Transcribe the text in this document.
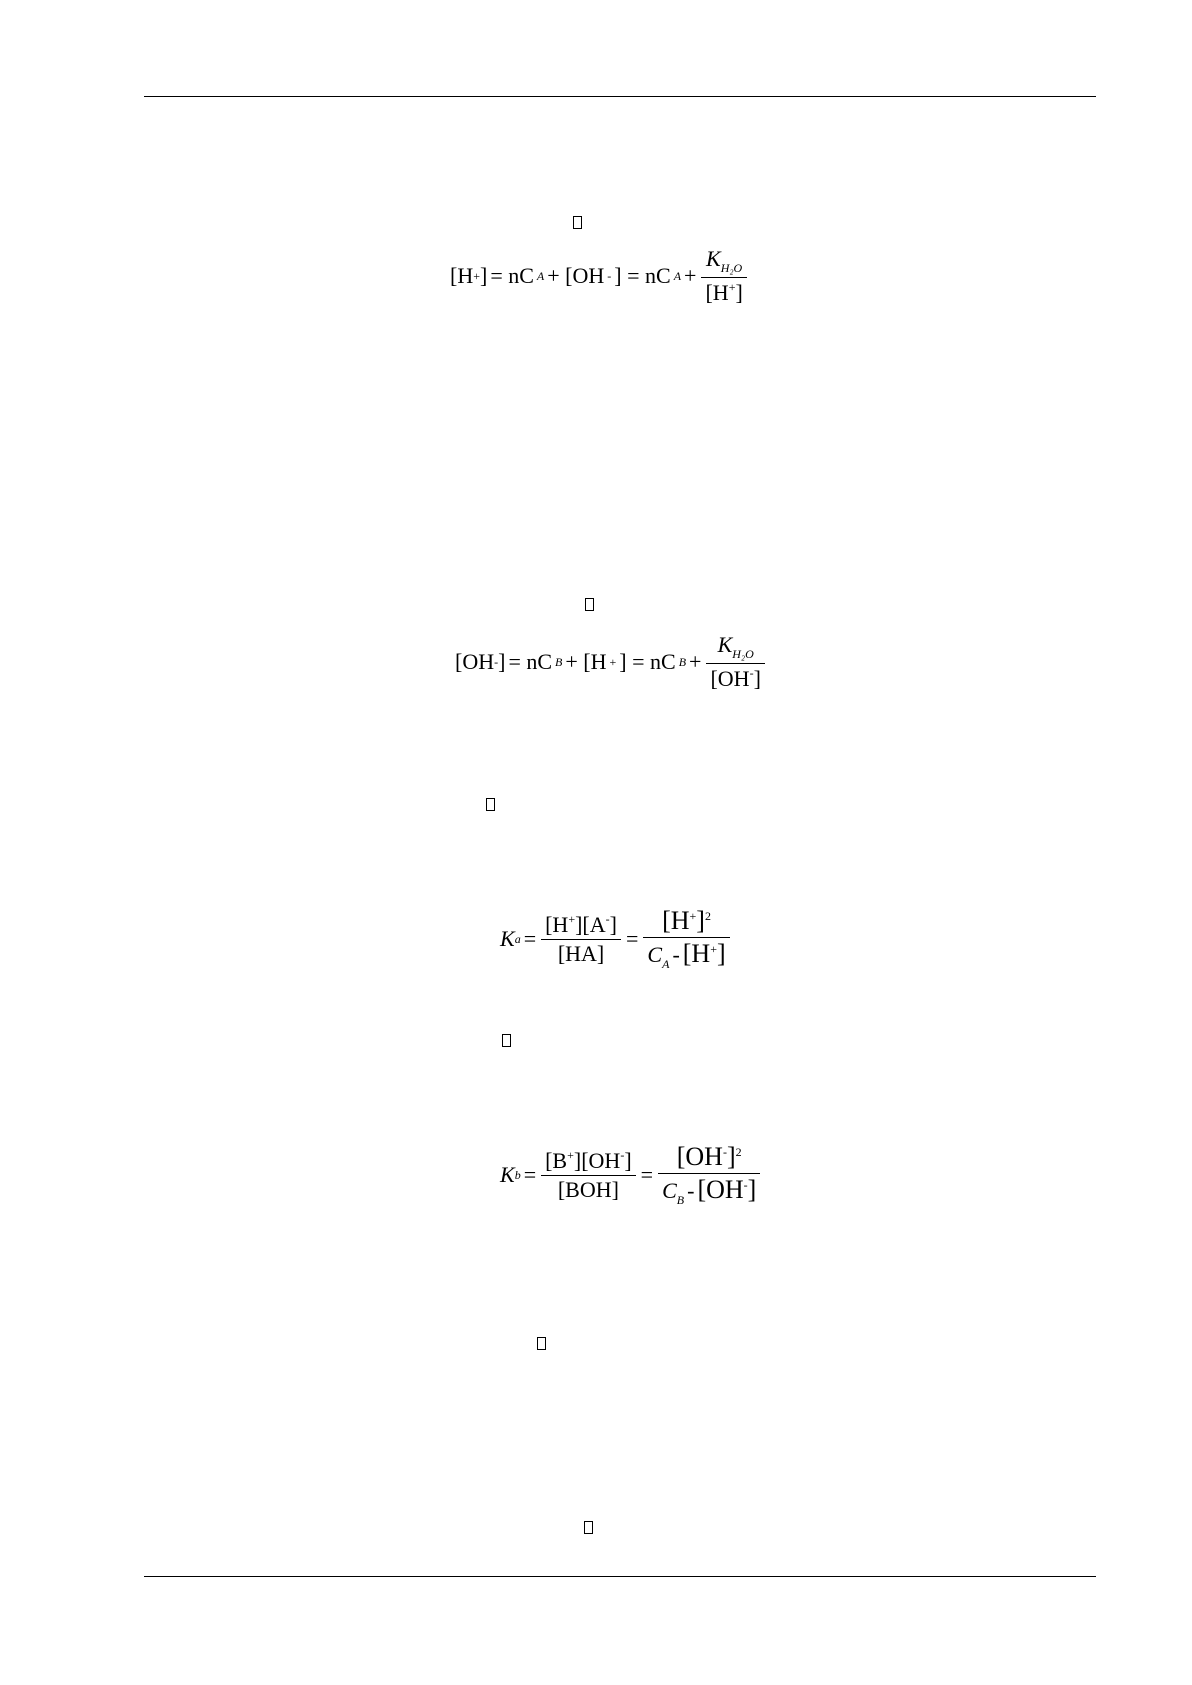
[H + ] = nC A + [OH - ] = nC $A + \frac{K_{H_2O}}{[H^+]}$
[OH - ] = nC B + [H + ] = nC $B + \frac{K_{H_2O}}{[OH^-]}$
K $a = \frac{[H^+][A^-]}{[HA]} = \frac{[H^+]^2}{C_A - [H^+]}$
K $b = \frac{[B^+][OH^-]}{\text{[BOH]}} = \frac{[OH^-]^2}{C_B - [OH^-]}$
